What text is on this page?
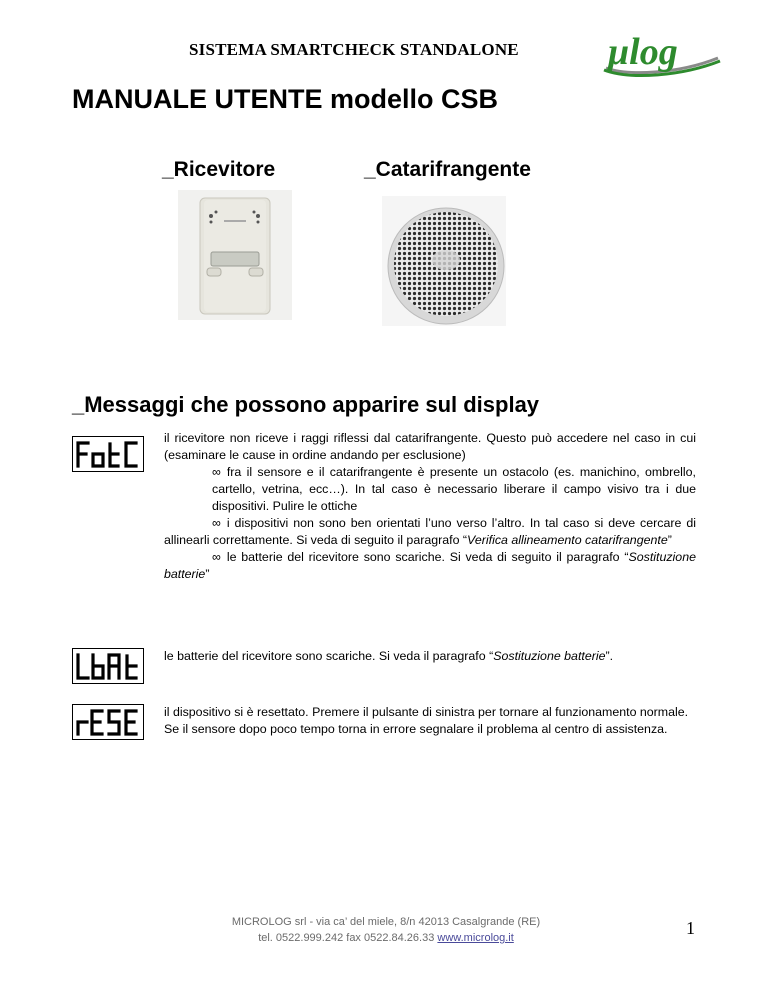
SISTEMA SMARTCHECK STANDALONE μlog
MANUALE UTENTE modello CSB
_Ricevitore	_Catarifrangente
_Messaggi che possono apparire sul display
FotC	il ricevitore non riceve i raggi riflessi dal catarifrangente. Questo può accedere nel caso in cui (esaminare le cause in ordine andando per esclusione)

∞ fra il sensore e il catarifrangente è presente un ostacolo (es. manichino, ombrello, cartello, vetrina, ecc…). In tal caso è necessario liberare il campo visivo tra i due dispositivi. Pulire le ottiche

∞ i dispositivi non sono ben orientati l’uno verso l’altro. In tal caso si deve cercare di allinearli correttamente. Si veda di seguito il paragrafo “Verifica allineamento catarifrangente”

∞ le batterie del ricevitore sono scariche. Si veda di seguito il paragrafo “Sostituzione batterie”

LbAt

le batterie del ricevitore sono scariche. Si veda il paragrafo “Sostituzione batterie”.

rESE

il dispositivo si è resettato. Premere il pulsante di sinistra per tornare al funzionamento normale. Se il sensore dopo poco tempo torna in errore segnalare il problema al centro di assistenza.

MICROLOG srl - via ca’ del miele, 8/n 42013 Casalgrande (RE)
tel. 0522.999.242 fax 0522.84.26.33 www.microlog.it	1
